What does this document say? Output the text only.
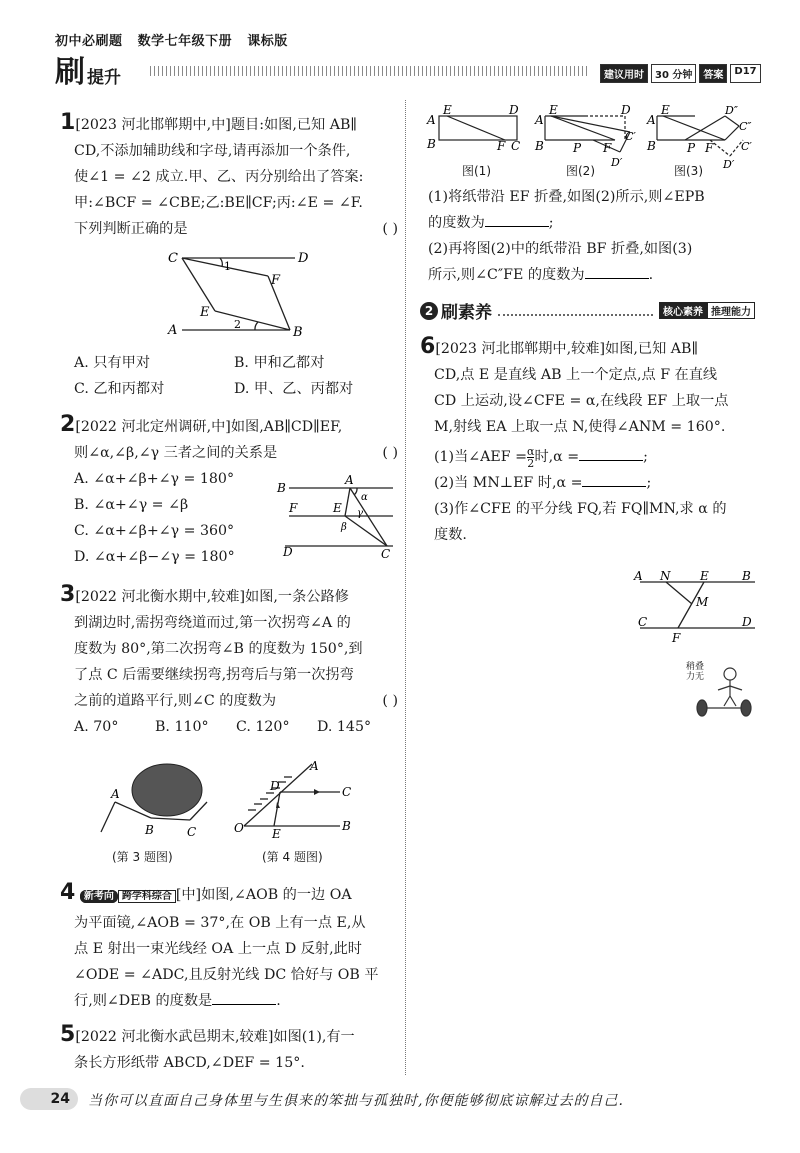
初中必刷题 数学七年级下册 课标版
刷 提升	建议用时	30 分钟	答案	D17

1[2023 河北邯郸期中,中]题目:如图,已知 AB∥

CD,不添加辅助线和字母,请再添加一个条件,

使∠1 = ∠2 成立.甲、乙、丙分别给出了答案:

甲:∠BCF = ∠CBE;乙:BE∥CF;丙:∠E = ∠F.

下列判断正确的是	( )

C	D
F
E
A	B
1
2
A. 只有甲对	B. 甲和乙都对
C. 乙和丙都对	D. 甲、乙、丙都对

2[2022 河北定州调研,中]如图,AB∥CD∥EF,

则∠α,∠β,∠γ 三者之间的关系是	( )

A. ∠α+∠β+∠γ = 180°

B. ∠α+∠γ = ∠β

C. ∠α+∠β+∠γ = 360°

D. ∠α+∠β−∠γ = 180°

B
A
F	E
D	C
α
β
γ

3[2022 河北衡水期中,较难]如图,一条公路修

到湖边时,需拐弯绕道而过,第一次拐弯∠A 的

度数为 80°,第二次拐弯∠B 的度数为 150°,到

了点 C 后需要继续拐弯,拐弯后与第一次拐弯

之前的道路平行,则∠C 的度数为	( )

A. 70°	B. 110°	C. 120°	D. 145°
A
B	C
(第 3 题图)
A
D	C
O E
B
(第 4 题图)

4 新考向 跨学科综合 [中]如图,∠AOB 的一边 OA

为平面镜,∠AOB = 37°,在 OB 上有一点 E,从

点 E 射出一束光线经 OA 上一点 D 反射,此时

∠ODE = ∠ADC,且反射光线 DC 恰好与 OB 平

行,则∠DEB 的度数是	.

5[2022 河北衡水武邑期末,较难]如图(1),有一

条长方形纸带 ABCD,∠DEF = 15°.

A
E	D
B	F C
A
E	D
B P F
C′
D′
A
E	D″
C″
B	P F	C′
D′
图(1)	图(2)	图(3)

(1)将纸带沿 EF 折叠,如图(2)所示,则∠EPB

的度数为	;

(2)再将图(2)中的纸带沿 BF 折叠,如图(3)

所示,则∠C″FE 的度数为	.

2 刷素养	核心素养 推理能力

6[2023 河北邯郸期中,较难]如图,已知 AB∥

CD,点 E 是直线 AB 上一个定点,点 F 在直线

CD 上运动,设∠CFE = α,在线段 EF 上取一点

M,射线 EA 上取一点 N,使得∠ANM = 160°.

(1)当∠AEF = $\frac{\alpha}{2}$ 时,α =	;

(2)当 MN⊥EF 时,α =	;

(3)作∠CFE 的平分线 FQ,若 FQ∥MN,求 α 的

度数.

A N E	B
M
C	D
F
稍叠力无
24	当你可以直面自己身体里与生俱来的笨拙与孤独时,你便能够彻底谅解过去的自己.
